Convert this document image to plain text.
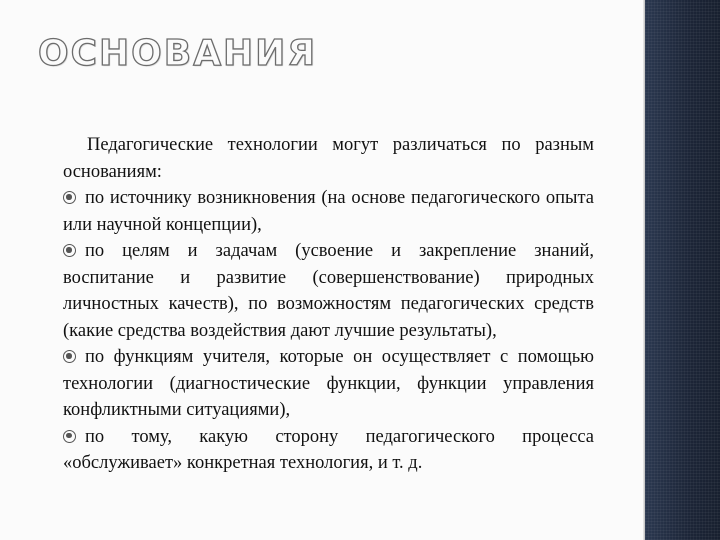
ОСНОВАНИЯ

Педагогические технологии могут различаться по разным основаниям:

по источнику возникновения (на основе педагогического опыта или научной концепции),

по целям и задачам (усвоение и закрепление знаний, воспитание и развитие (совершенствование) природных личностных качеств), по возможностям педагогических средств (какие средства воздействия дают лучшие результаты),

по функциям учителя, которые он осуществляет с помощью технологии (диагностические функции, функции управления конфликтными ситуациями),

по тому, какую сторону педагогического процесса «обслуживает» конкретная технология, и т. д.
